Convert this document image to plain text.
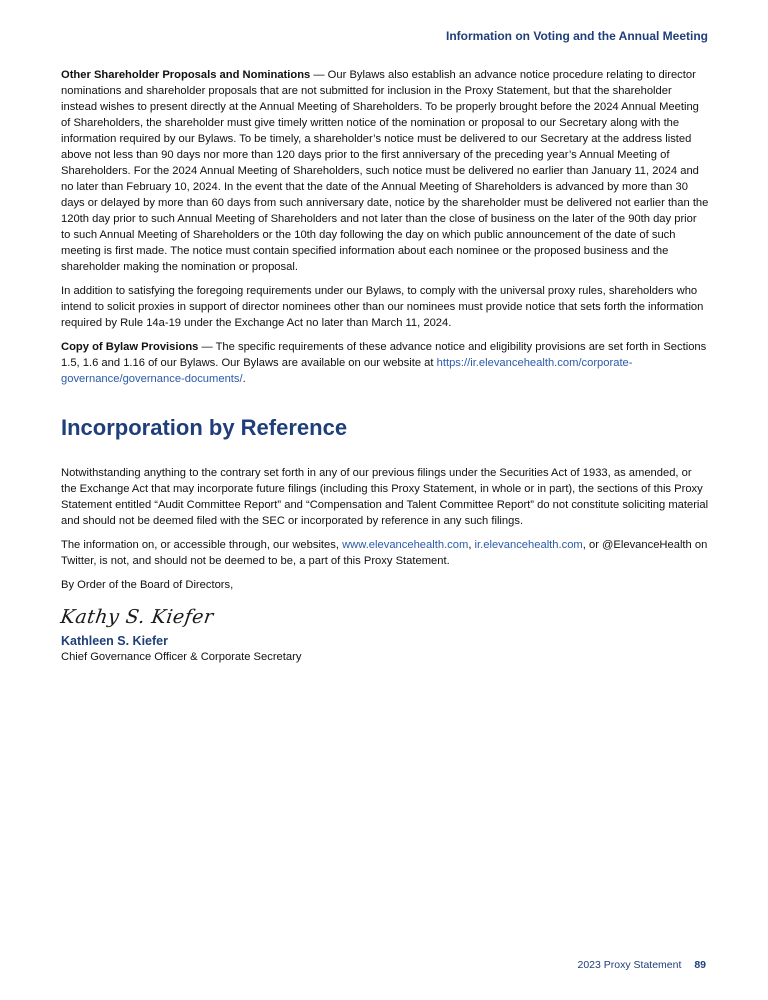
Information on Voting and the Annual Meeting

Other Shareholder Proposals and Nominations — Our Bylaws also establish an advance notice procedure relating to director nominations and shareholder proposals that are not submitted for inclusion in the Proxy Statement, but that the shareholder instead wishes to present directly at the Annual Meeting of Shareholders. To be properly brought before the 2024 Annual Meeting of Shareholders, the shareholder must give timely written notice of the nomination or proposal to our Secretary along with the information required by our Bylaws. To be timely, a shareholder’s notice must be delivered to our Secretary at the address listed above not less than 90 days nor more than 120 days prior to the first anniversary of the preceding year’s Annual Meeting of Shareholders. For the 2024 Annual Meeting of Shareholders, such notice must be delivered no earlier than January 11, 2024 and no later than February 10, 2024. In the event that the date of the Annual Meeting of Shareholders is advanced by more than 30 days or delayed by more than 60 days from such anniversary date, notice by the shareholder must be delivered not earlier than the 120th day prior to such Annual Meeting of Shareholders and not later than the close of business on the later of the 90th day prior to such Annual Meeting of Shareholders or the 10th day following the day on which public announcement of the date of such meeting is first made. The notice must contain specified information about each nominee or the proposed business and the shareholder making the nomination or proposal.

In addition to satisfying the foregoing requirements under our Bylaws, to comply with the universal proxy rules, shareholders who intend to solicit proxies in support of director nominees other than our nominees must provide notice that sets forth the information required by Rule 14a-19 under the Exchange Act no later than March 11, 2024.

Copy of Bylaw Provisions — The specific requirements of these advance notice and eligibility provisions are set forth in Sections 1.5, 1.6 and 1.16 of our Bylaws. Our Bylaws are available on our website at https://ir.elevancehealth.com/corporate-governance/governance-documents/.

Incorporation by Reference

Notwithstanding anything to the contrary set forth in any of our previous filings under the Securities Act of 1933, as amended, or the Exchange Act that may incorporate future filings (including this Proxy Statement, in whole or in part), the sections of this Proxy Statement entitled “Audit Committee Report” and “Compensation and Talent Committee Report” do not constitute soliciting material and should not be deemed filed with the SEC or incorporated by reference in any such filings.

The information on, or accessible through, our websites, www.elevancehealth.com, ir.elevancehealth.com, or @ElevanceHealth on Twitter, is not, and should not be deemed to be, a part of this Proxy Statement.

By Order of the Board of Directors,

Kathy S. Kiefer
Kathleen S. Kiefer
Chief Governance Officer & Corporate Secretary
2023 Proxy Statement 89
